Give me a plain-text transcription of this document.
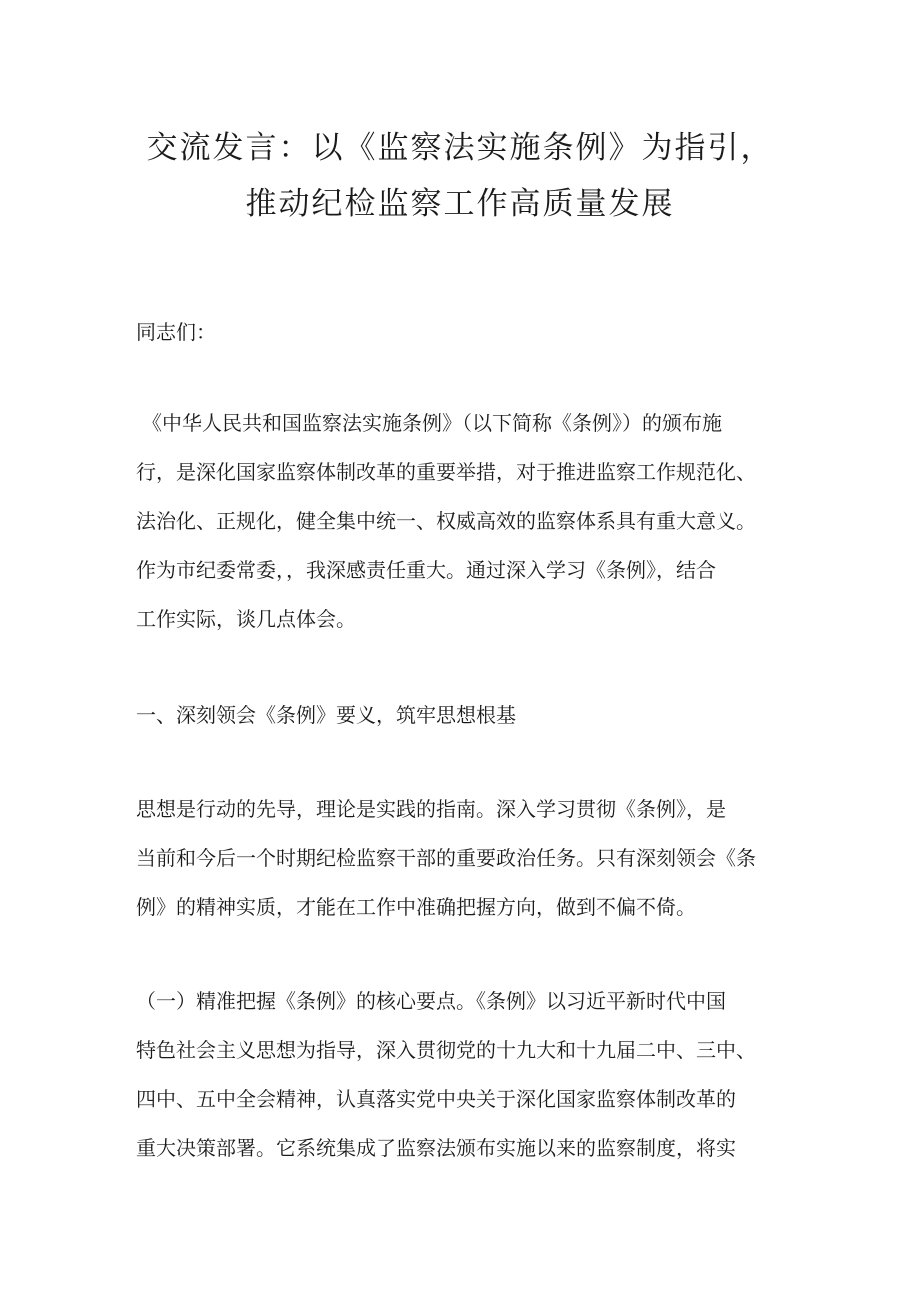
交流发言：以《监察法实施条例》为指引，
推动纪检监察工作高质量发展
同志们：
《中华人民共和国监察法实施条例》（以下简称《条例》）的颁布施
行，是深化国家监察体制改革的重要举措，对于推进监察工作规范化、
法治化、正规化，健全集中统一、权威高效的监察体系具有重大意义。
作为市纪委常委，，我深感责任重大。通过深入学习《条例》，结合
工作实际，谈几点体会。
一、深刻领会《条例》要义，筑牢思想根基
思想是行动的先导，理论是实践的指南。深入学习贯彻《条例》，是
当前和今后一个时期纪检监察干部的重要政治任务。只有深刻领会《条
例》的精神实质，才能在工作中准确把握方向，做到不偏不倚。
（一）精准把握《条例》的核心要点。《条例》以习近平新时代中国
特色社会主义思想为指导，深入贯彻党的十九大和十九届二中、三中、
四中、五中全会精神，认真落实党中央关于深化国家监察体制改革的
重大决策部署。它系统集成了监察法颁布实施以来的监察制度，将实
